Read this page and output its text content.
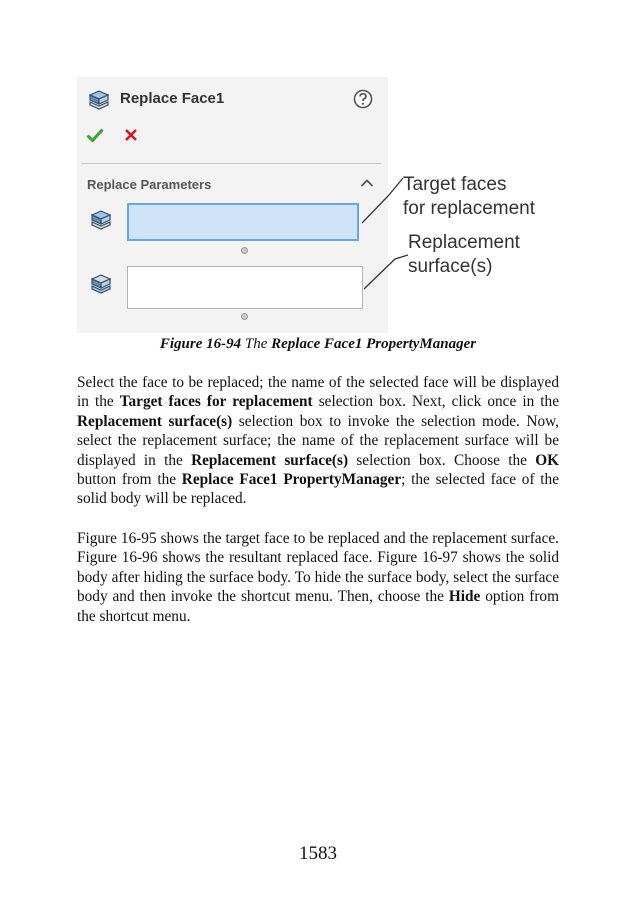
Replace Face1
Replace Parameters	Target faces
for replacement
Replacement
surface(s)
Figure 16-94 The Replace Face1 PropertyManager

Select the face to be replaced; the name of the selected face will be displayed in the Target faces for replacement selection box. Next, click once in the Replacement surface(s) selection box to invoke the selection mode. Now, select the replacement surface; the name of the replacement surface will be displayed in the Replacement surface(s) selection box. Choose the OK button from the Replace Face1 PropertyManager; the selected face of the solid body will be replaced.

Figure 16-95 shows the target face to be replaced and the replacement surface. Figure 16-96 shows the resultant replaced face. Figure 16-97 shows the solid body after hiding the surface body. To hide the surface body, select the surface body and then invoke the shortcut menu. Then, choose the Hide option from the shortcut menu.

1583
